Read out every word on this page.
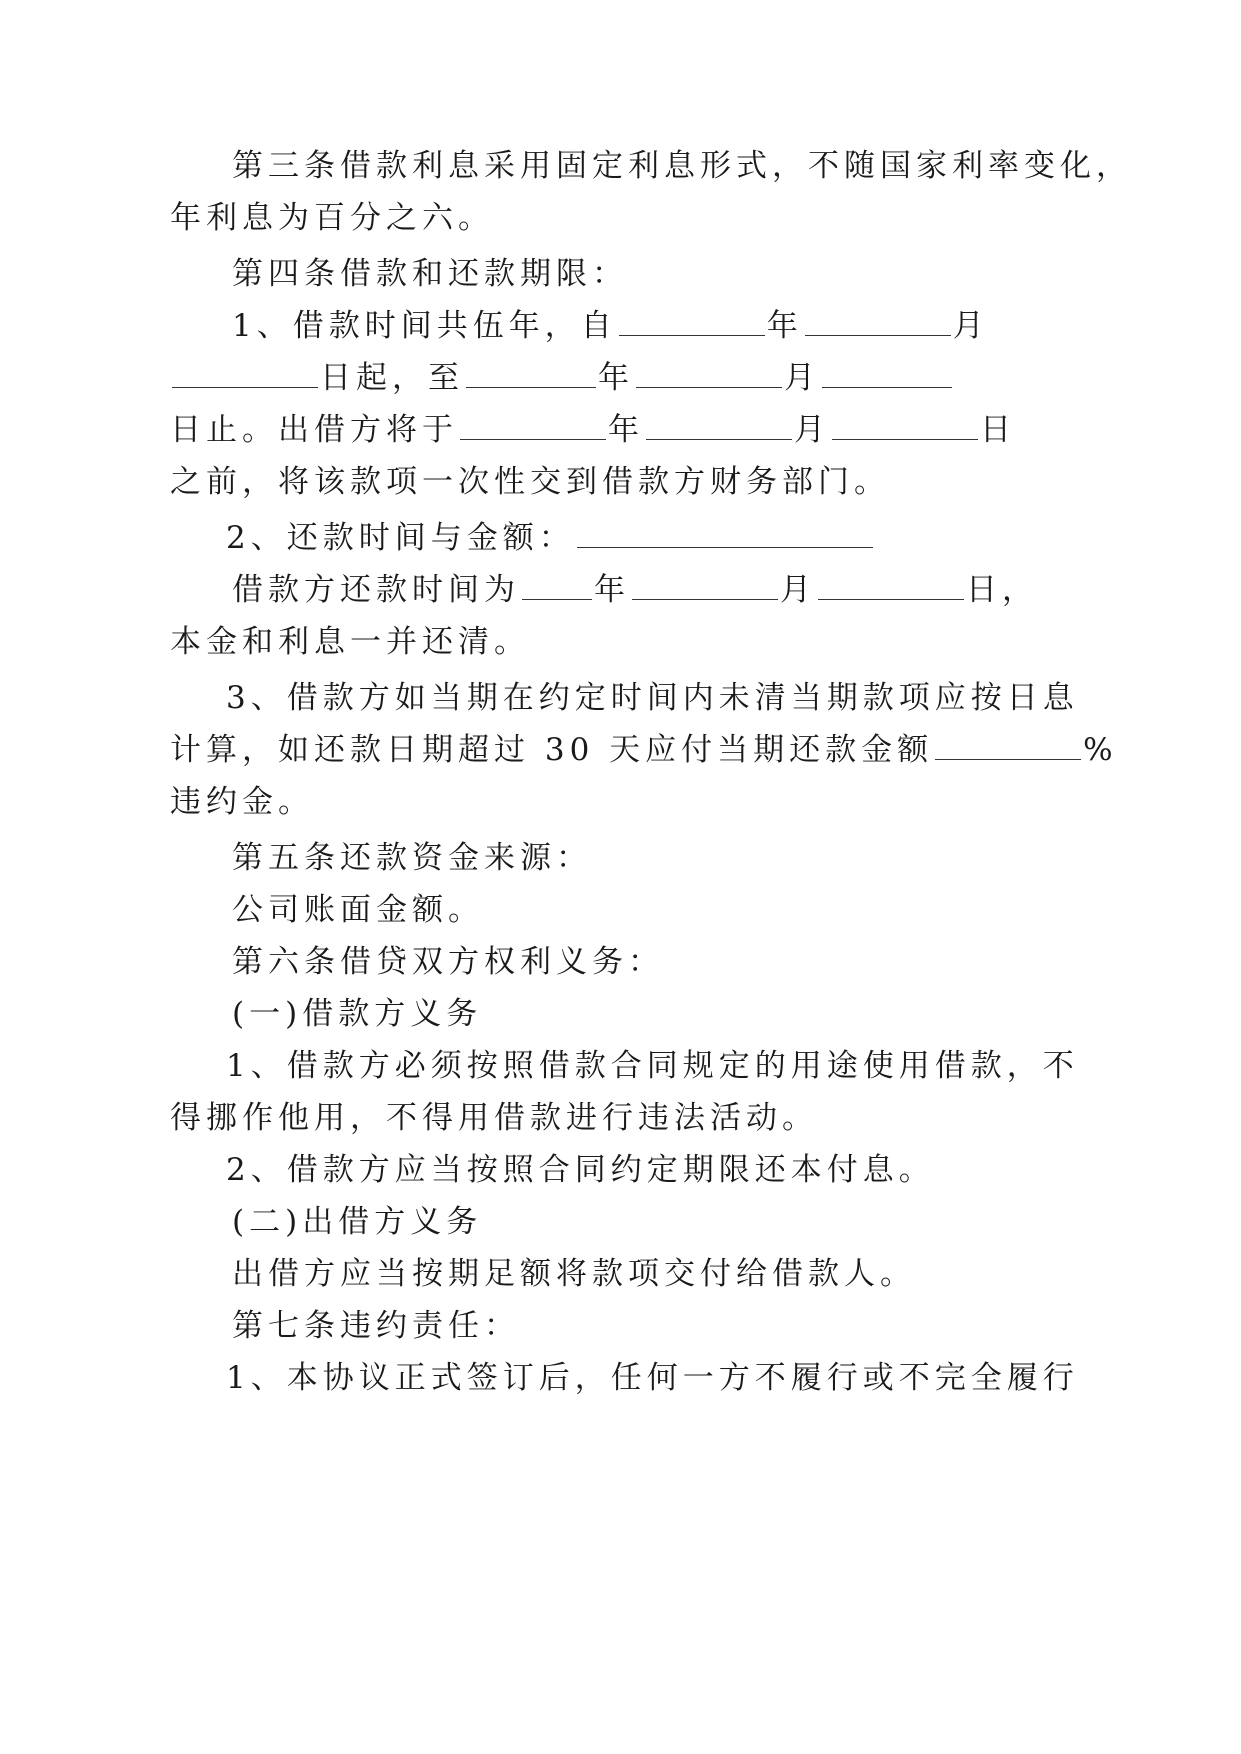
第三条借款利息采用固定利息形式，不随国家利率变化，
年利息为百分之六。
第四条借款和还款期限：
1、借款时间共伍年，自	年	月
日起，至	年	月
日止。出借方将于	年	月	日
之前，将该款项一次性交到借款方财务部门。
2、还款时间与金额：
借款方还款时间为 年	月	日，
本金和利息一并还清。
3、借款方如当期在约定时间内未清当期款项应按日息
计算，如还款日期超过 30 天应付当期还款金额	%
违约金。
第五条还款资金来源：
公司账面金额。
第六条借贷双方权利义务：
(一)借款方义务
1、借款方必须按照借款合同规定的用途使用借款，不
得挪作他用，不得用借款进行违法活动。
2、借款方应当按照合同约定期限还本付息。
(二)出借方义务
出借方应当按期足额将款项交付给借款人。
第七条违约责任：
1、本协议正式签订后，任何一方不履行或不完全履行
